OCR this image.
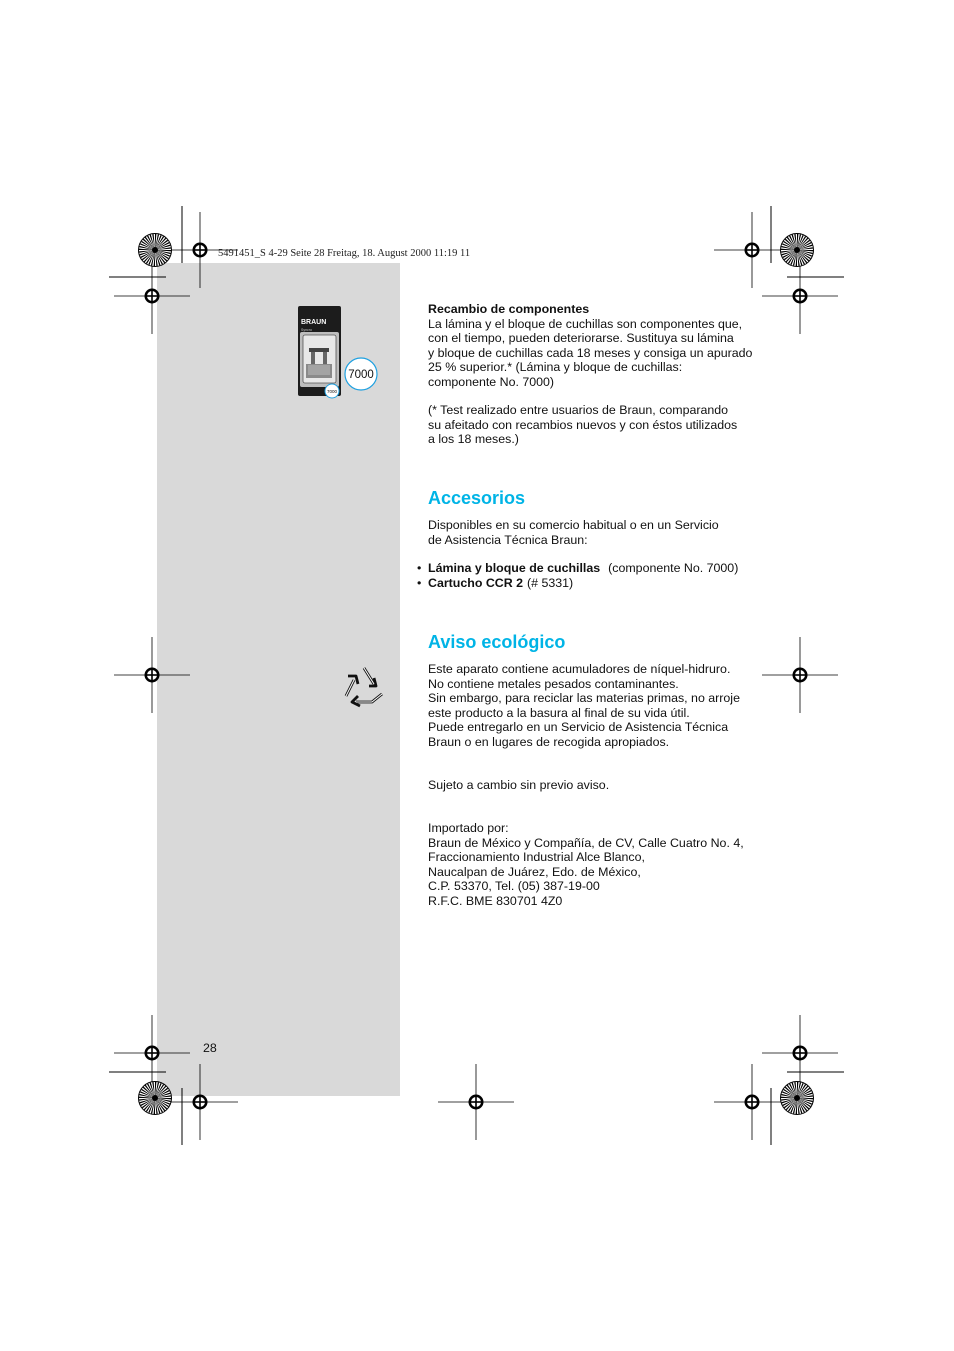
5491451_S 4-29 Seite 28 Freitag, 18. August 2000 11:19 11
BRAUN
Syncro
7000
7000
Recambio de componentes
La lámina y el bloque de cuchillas son componentes que,
con el tiempo, pueden deteriorarse. Sustituya su lámina
y bloque de cuchillas cada 18 meses y consiga un apurado
25 % superior.* (Lámina y bloque de cuchillas:
componente No. 7000)
(* Test realizado entre usuarios de Braun, comparando
su afeitado con recambios nuevos y con éstos utilizados
a los 18 meses.)
Accesorios
Disponibles en su comercio habitual o en un Servicio
de Asistencia Técnica Braun:
• Lámina y bloque de cuchillas (componente No. 7000)
• Cartucho CCR 2 (# 5331)
Aviso ecológico
Este aparato contiene acumuladores de níquel-hidruro.
No contiene metales pesados contaminantes.
Sin embargo, para reciclar las materias primas, no arroje
este producto a la basura al final de su vida útil.
Puede entregarlo en un Servicio de Asistencia Técnica
Braun o en lugares de recogida apropiados.
Sujeto a cambio sin previo aviso.
Importado por:
Braun de México y Compañía, de CV, Calle Cuatro No. 4,
Fraccionamiento Industrial Alce Blanco,
Naucalpan de Juárez, Edo. de México,
C.P. 53370, Tel. (05) 387-19-00
R.F.C. BME 830701 4Z0
28
